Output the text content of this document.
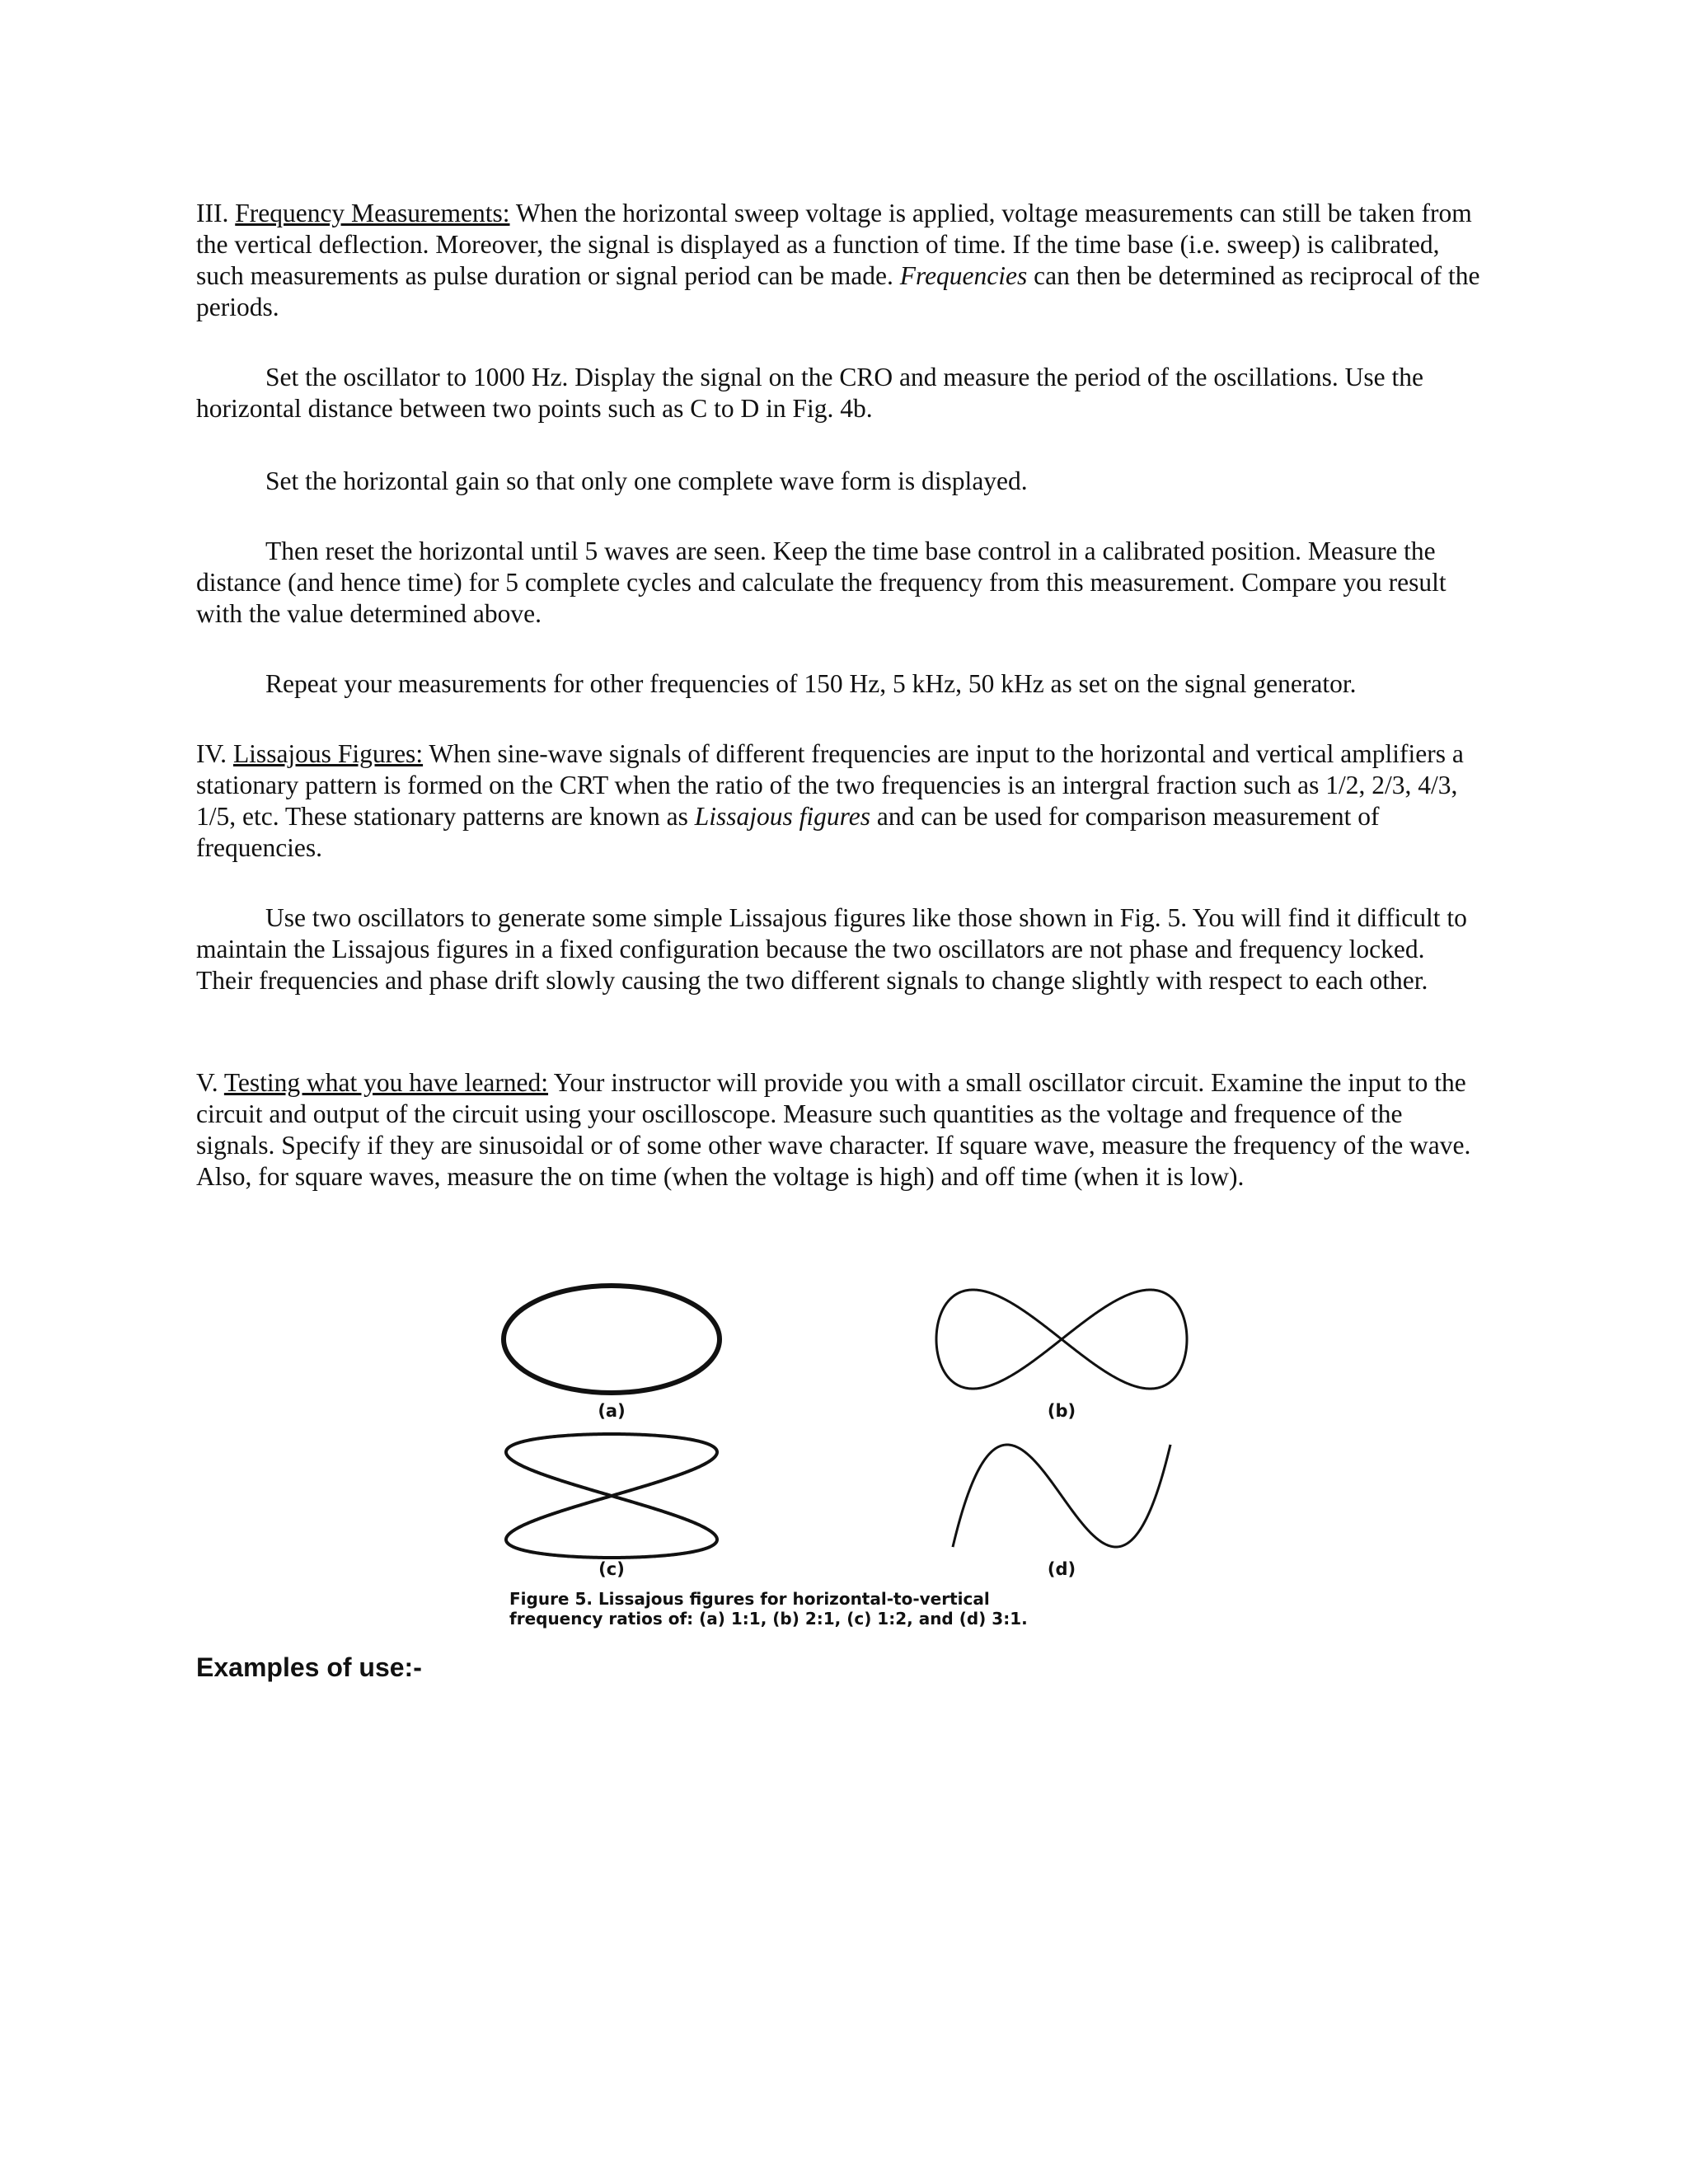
III. Frequency Measurements: When the horizontal sweep voltage is applied, voltage measurements can still be taken from the vertical deflection. Moreover, the signal is displayed as a function of time. If the time base (i.e. sweep) is calibrated, such measurements as pulse duration or signal period can be made. Frequencies can then be determined as reciprocal of the periods.

Set the oscillator to 1000 Hz. Display the signal on the CRO and measure the period of the oscillations. Use the horizontal distance between two points such as C to D in Fig. 4b.

Set the horizontal gain so that only one complete wave form is displayed.

Then reset the horizontal until 5 waves are seen. Keep the time base control in a calibrated position. Measure the distance (and hence time) for 5 complete cycles and calculate the frequency from this measurement. Compare you result with the value determined above.

Repeat your measurements for other frequencies of 150 Hz, 5 kHz, 50 kHz as set on the signal generator.

IV. Lissajous Figures: When sine-wave signals of different frequencies are input to the horizontal and vertical amplifiers a stationary pattern is formed on the CRT when the ratio of the two frequencies is an intergral fraction such as 1/2, 2/3, 4/3, 1/5, etc. These stationary patterns are known as Lissajous figures and can be used for comparison measurement of frequencies.

Use two oscillators to generate some simple Lissajous figures like those shown in Fig. 5. You will find it difficult to maintain the Lissajous figures in a fixed configuration because the two oscillators are not phase and frequency locked. Their frequencies and phase drift slowly causing the two different signals to change slightly with respect to each other.

V. Testing what you have learned: Your instructor will provide you with a small oscillator circuit. Examine the input to the circuit and output of the circuit using your oscilloscope. Measure such quantities as the voltage and frequence of the signals. Specify if they are sinusoidal or of some other wave character. If square wave, measure the frequency of the wave. Also, for square waves, measure the on time (when the voltage is high) and off time (when it is low).

(a)	(b)
(c)	(d)
Figure 5. Lissajous figures for horizontal-to-vertical
frequency ratios of: (a) 1:1, (b) 2:1, (c) 1:2, and (d) 3:1.

Examples of use:-
